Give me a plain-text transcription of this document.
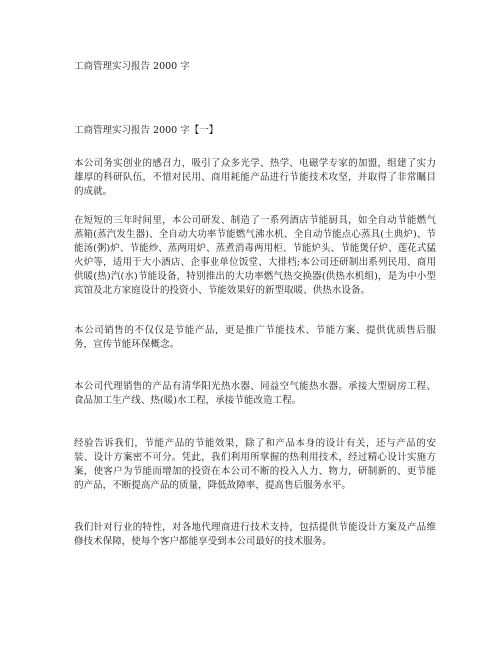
工商管理实习报告 2000 字
工商管理实习报告 2000 字【一】
本公司务实创业的感召力，吸引了众多光学、热学、电磁学专家的加盟，组建了实力雄厚的科研队伍，不惜对民用、商用耗能产品进行节能技术攻坚，并取得了非常瞩目的成就。
在短短的三年时间里，本公司研发、制造了一系列酒店节能厨具，如全自动节能燃气蒸箱(蒸汽发生器)、全自动大功率节能燃气沸水机、全自动节能点心蒸具(土典炉)、节能汤(粥)炉、节能炒、蒸两用炉、蒸煮消毒两用柜、节能炉头、节能煲仔炉、莲花式猛火炉等，适用于大小酒店、企事业单位饭堂、大排档;本公司还研制出系列民用、商用供暖(热)汽(水)节能设备，特别推出的大功率燃气热交换器(供热水机组)，是为中小型宾馆及北方家庭设计的投资小、节能效果好的新型取暖、供热水设备。
本公司销售的不仅仅是节能产品，更是推广节能技术、节能方案、提供优质售后服务，宣传节能环保概念。
本公司代理销售的产品有清华阳光热水器、同益空气能热水器。承接大型厨房工程、食品加工生产线、热(暖)水工程，承接节能改造工程。
经验告诉我们，节能产品的节能效果，除了和产品本身的设计有关，还与产品的安装、设计方案密不可分。凭此，我们利用所掌握的热利用技术，经过精心设计实施方案，使客户为节能而增加的投资在本公司不断的投入人力、物力，研制新的、更节能的产品，不断提高产品的质量，降低故障率，提高售后服务水平。
我们针对行业的特性，对各地代理商进行技术支持，包括提供节能设计方案及产品维修技术保障，使每个客户都能享受到本公司最好的技术服务。
